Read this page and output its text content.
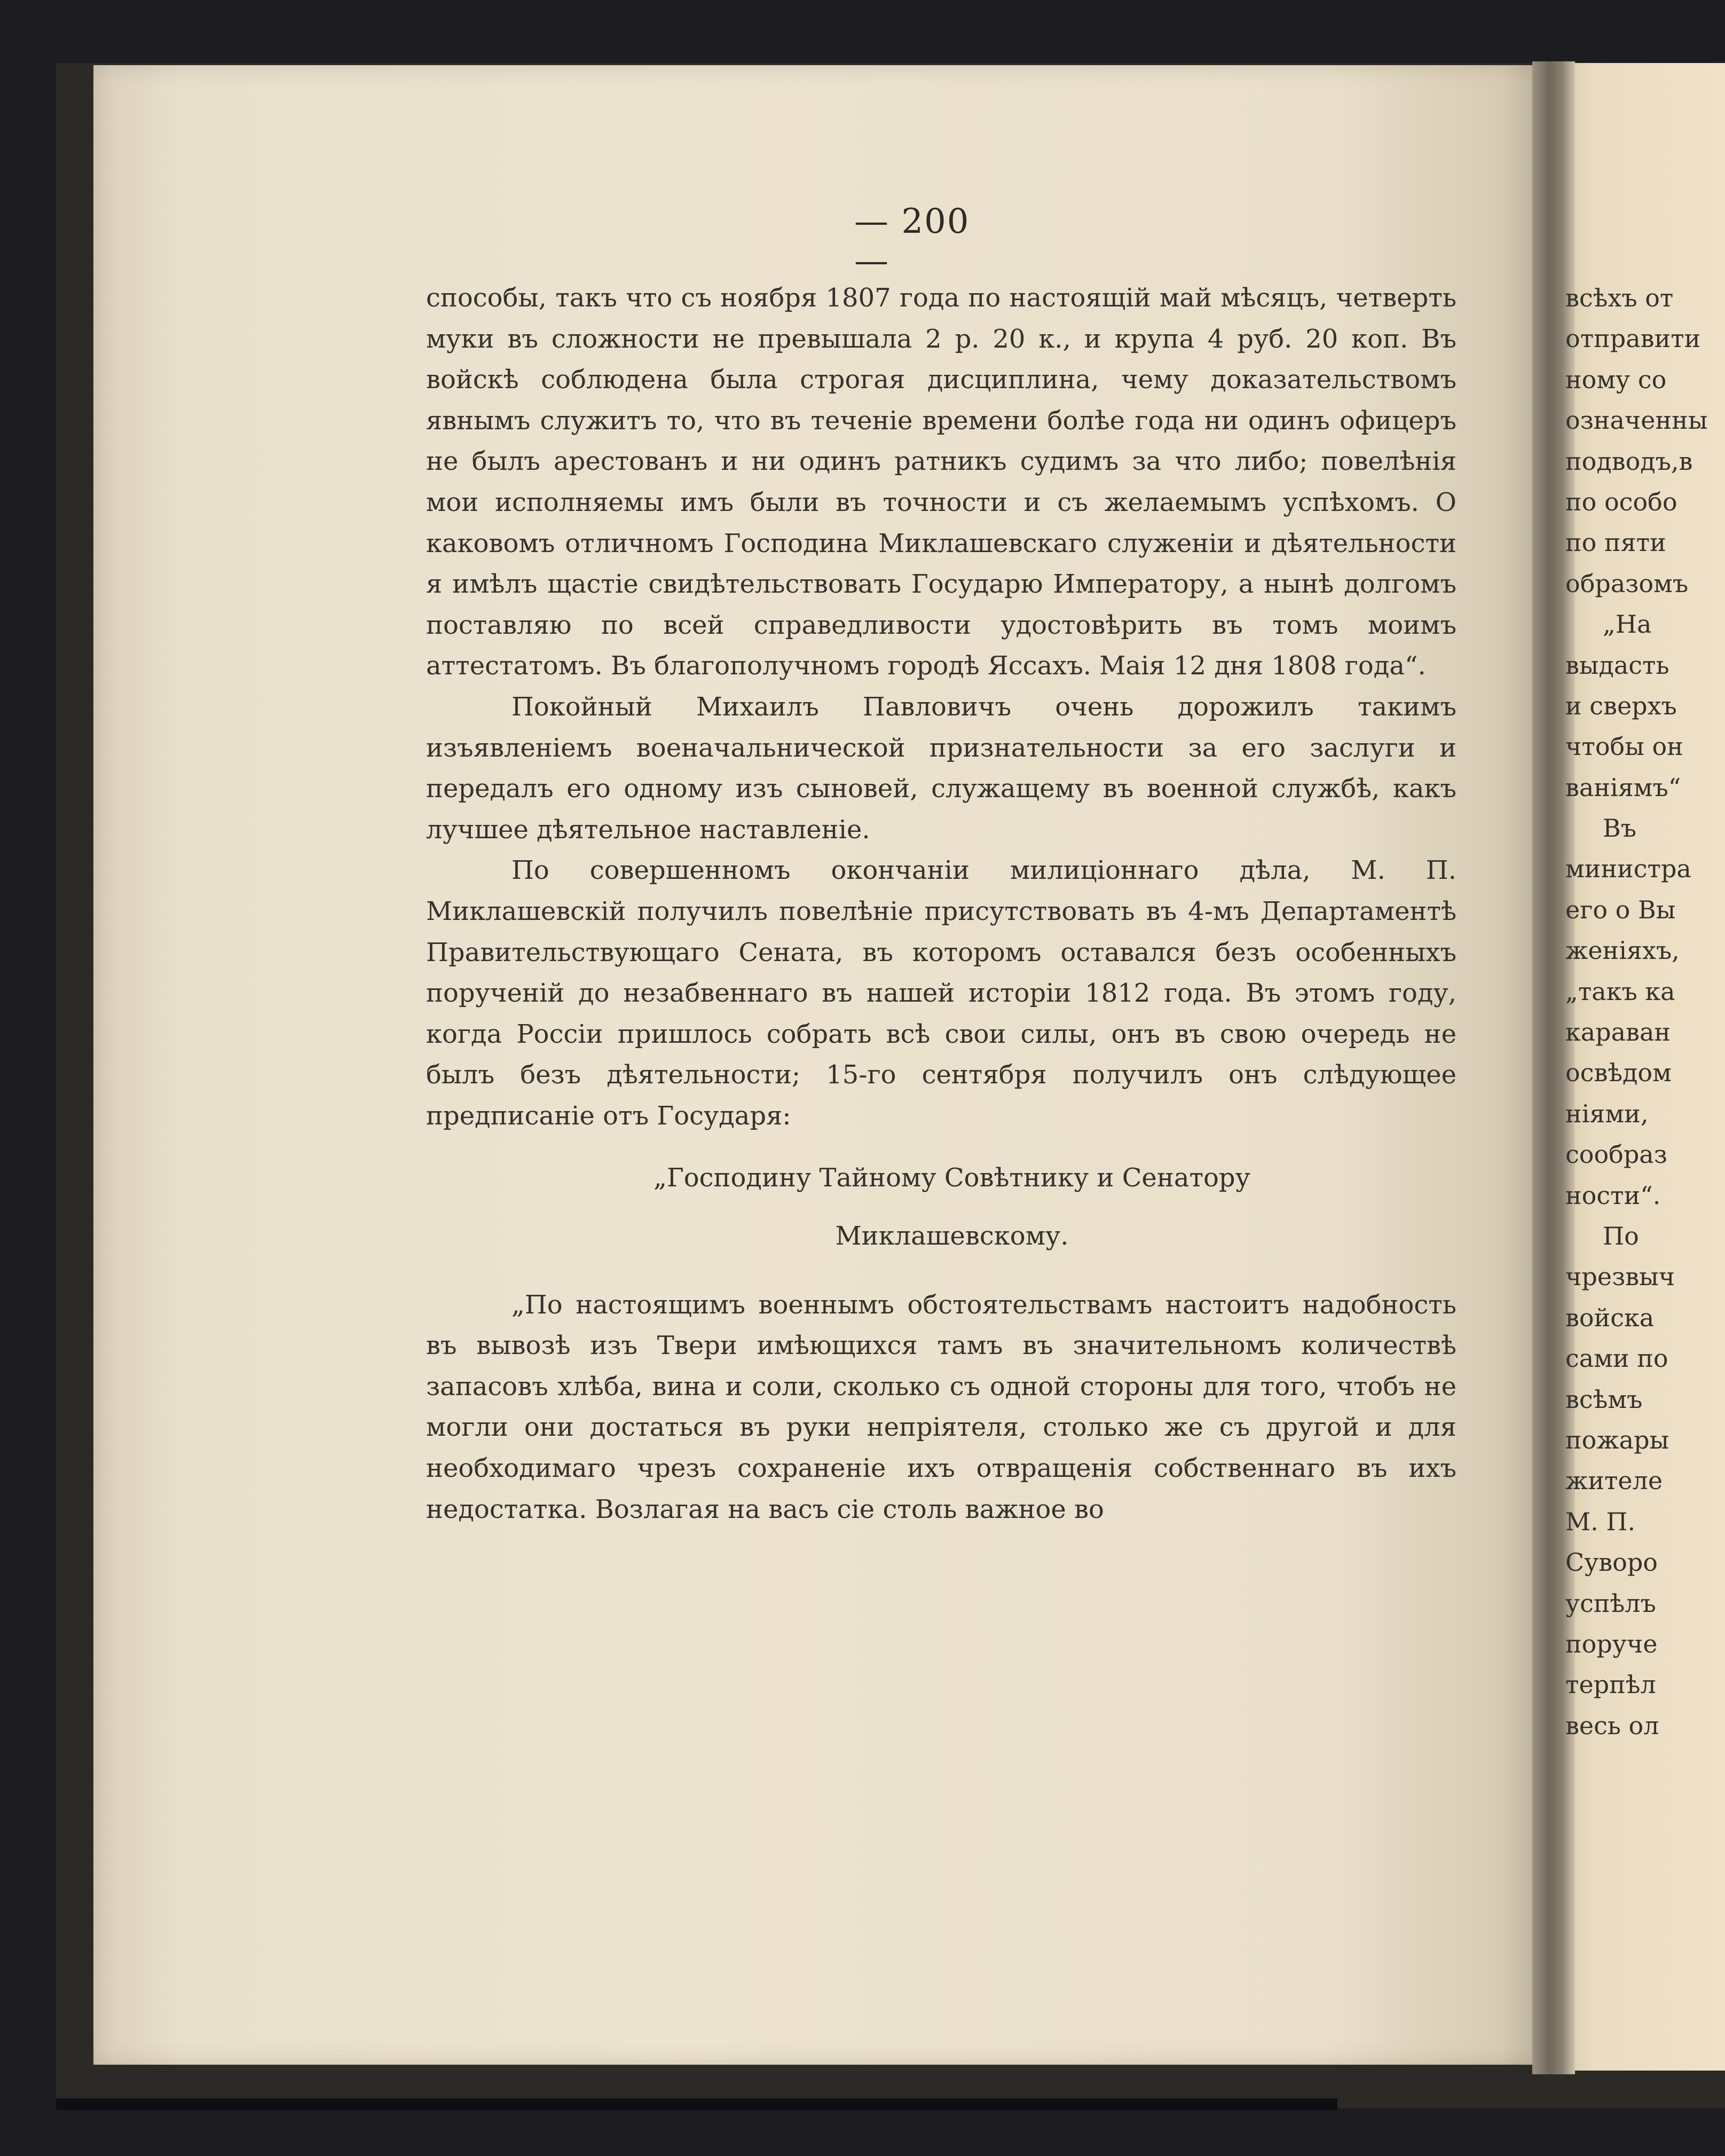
— 200 —

способы, такъ что съ ноября 1807 года по настоящій май мѣсяцъ, четверть муки въ сложности не превышала 2 р. 20 к., и крупа 4 руб. 20 коп. Въ войскѣ соблюдена была строгая дисциплина, чему доказательствомъ явнымъ служитъ то, что въ теченіе времени болѣе года ни одинъ офицеръ не былъ арестованъ и ни одинъ ратникъ судимъ за что либо; повелѣнія мои исполняемы имъ были въ точности и съ желаемымъ успѣхомъ. О каковомъ отличномъ Господина Миклашевскаго служеніи и дѣятельности я имѣлъ щастіе свидѣтельствовать Государю Императору, а нынѣ долгомъ поставляю по всей справедливости удостовѣрить въ томъ моимъ аттестатомъ. Въ благополучномъ городѣ Яссахъ. Маія 12 дня 1808 года“.

Покойный Михаилъ Павловичъ очень дорожилъ такимъ изъявленіемъ военачальнической признательности за его заслуги и передалъ его одному изъ сыновей, служащему въ военной службѣ, какъ лучшее дѣятельное наставленіе.

По совершенномъ окончаніи милиціоннаго дѣла, М. П. Миклашевскій получилъ повелѣніе присутствовать въ 4-мъ Департаментѣ Правительствующаго Сената, въ которомъ оставался безъ особенныхъ порученій до незабвеннаго въ нашей исторіи 1812 года. Въ этомъ году, когда Россіи пришлось собрать всѣ свои силы, онъ въ свою очередь не былъ безъ дѣятельности; 15-го сентября получилъ онъ слѣдующее предписаніе отъ Государя:

„Господину Тайному Совѣтнику и Сенатору

Миклашевскому.

„По настоящимъ военнымъ обстоятельствамъ настоитъ надобность въ вывозѣ изъ Твери имѣющихся тамъ въ значительномъ количествѣ запасовъ хлѣба, вина и соли, сколько съ одной стороны для того, чтобъ не могли они достаться въ руки непріятеля, столько же съ другой и для необходимаго чрезъ сохраненіе ихъ отвращенія собственнаго въ ихъ недостатка. Возлагая на васъ сіе столь важное во

всѣхъ от
отправити
ному со
означенны
подводъ,в
по особо
по пяти
образомъ
„На
выдасть
и сверхъ
чтобы он
ваніямъ“
Въ
министра
его о Вы
женіяхъ,
„такъ ка
караван
освѣдом
ніями,
сообраз
ности“.
По
чрезвыч
войска
сами по
всѣмъ
пожары
жителе
М. П.
Суворо
успѣлъ
поруче
терпѣл
весь ол
